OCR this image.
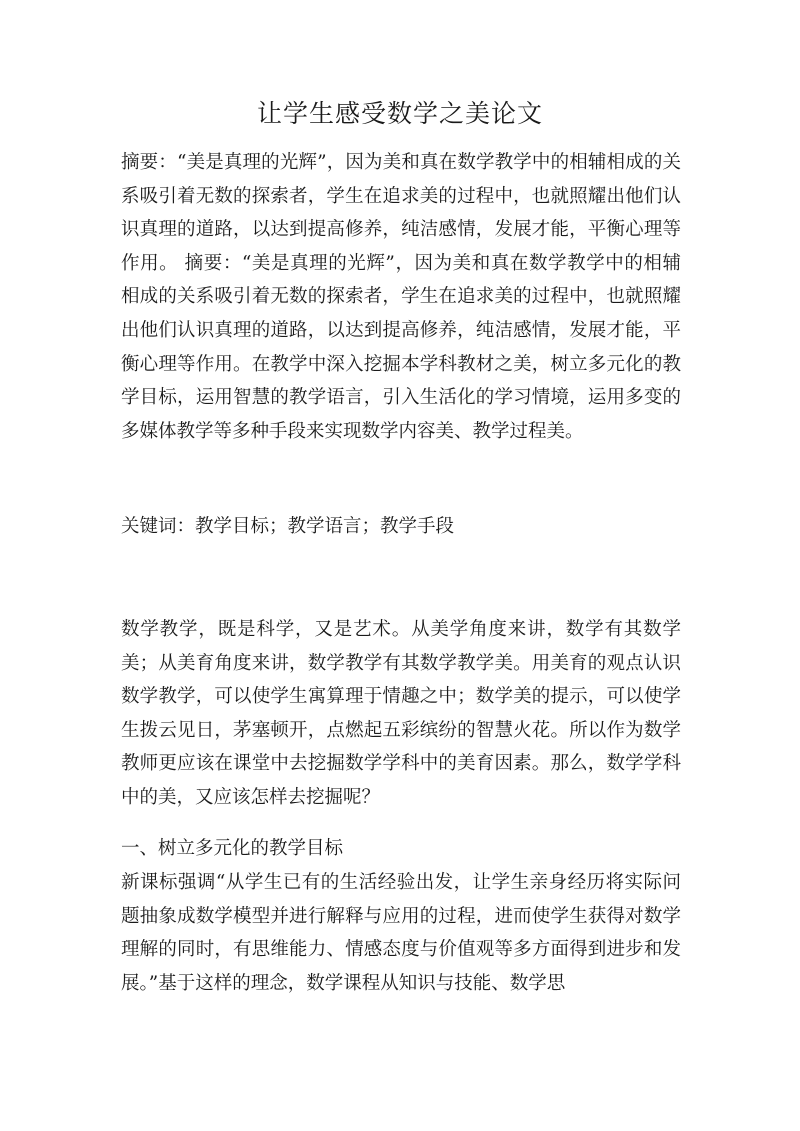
让学生感受数学之美论文
摘要：“美是真理的光辉”，因为美和真在数学教学中的相辅相成的关系吸引着无数的探索者，学生在追求美的过程中，也就照耀出他们认识真理的道路，以达到提高修养，纯洁感情，发展才能，平衡心理等作用。 摘要：“美是真理的光辉”，因为美和真在数学教学中的相辅相成的关系吸引着无数的探索者，学生在追求美的过程中，也就照耀出他们认识真理的道路，以达到提高修养，纯洁感情，发展才能，平衡心理等作用。在教学中深入挖掘本学科教材之美，树立多元化的教学目标，运用智慧的教学语言，引入生活化的学习情境，运用多变的多媒体教学等多种手段来实现数学内容美、教学过程美。
关键词：教学目标；教学语言；教学手段
数学教学，既是科学，又是艺术。从美学角度来讲，数学有其数学美；从美育角度来讲，数学教学有其数学教学美。用美育的观点认识数学教学，可以使学生寓算理于情趣之中；数学美的提示，可以使学生拨云见日，茅塞顿开，点燃起五彩缤纷的智慧火花。所以作为数学教师更应该在课堂中去挖掘数学学科中的美育因素。那么，数学学科中的美，又应该怎样去挖掘呢？
一、树立多元化的教学目标
新课标强调“从学生已有的生活经验出发，让学生亲身经历将实际问题抽象成数学模型并进行解释与应用的过程，进而使学生获得对数学理解的同时，有思维能力、情感态度与价值观等多方面得到进步和发展。”基于这样的理念，数学课程从知识与技能、数学思
